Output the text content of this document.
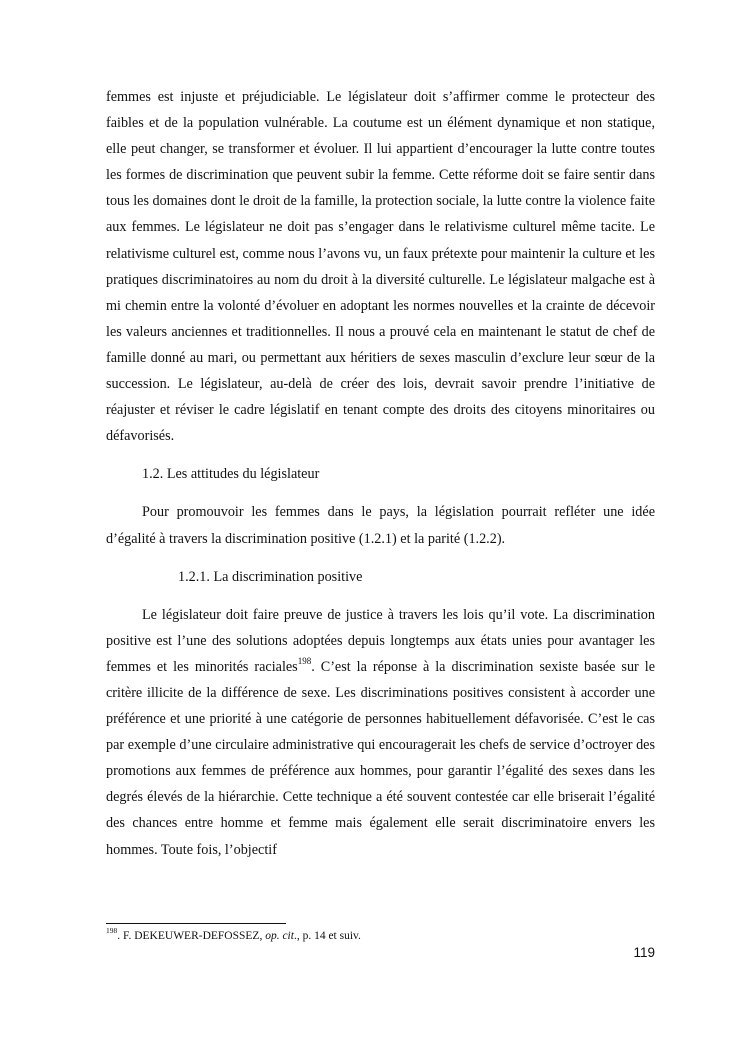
femmes est injuste et préjudiciable. Le législateur doit s’affirmer comme le protecteur des faibles et de la population vulnérable. La coutume est un élément dynamique et non statique, elle peut changer, se transformer et évoluer. Il lui appartient d’encourager la lutte contre toutes les formes de discrimination que peuvent subir la femme. Cette réforme doit se faire sentir dans tous les domaines dont le droit de la famille, la protection sociale, la lutte contre la violence faite aux femmes. Le législateur ne doit pas s’engager dans le relativisme culturel même tacite. Le relativisme culturel est, comme nous l’avons vu, un faux prétexte pour maintenir la culture et les pratiques discriminatoires au nom du droit à la diversité culturelle. Le législateur malgache est à mi chemin entre la volonté d’évoluer en adoptant les normes nouvelles et la crainte de décevoir les valeurs anciennes et traditionnelles. Il nous a prouvé cela en maintenant le statut de chef de famille donné au mari, ou permettant aux héritiers de sexes masculin d’exclure leur sœur de la succession. Le législateur, au-delà de créer des lois, devrait savoir prendre l’initiative de réajuster et réviser le cadre législatif en tenant compte des droits des citoyens minoritaires ou défavorisés.

1.2. Les attitudes du législateur

Pour promouvoir les femmes dans le pays, la législation pourrait refléter une idée d’égalité à travers la discrimination positive (1.2.1) et la parité (1.2.2).

1.2.1. La discrimination positive

Le législateur doit faire preuve de justice à travers les lois qu’il vote. La discrimination positive est l’une des solutions adoptées depuis longtemps aux états unies pour avantager les femmes et les minorités raciales$^{198}$. C’est la réponse à la discrimination sexiste basée sur le critère illicite de la différence de sexe. Les discriminations positives consistent à accorder une préférence et une priorité à une catégorie de personnes habituellement défavorisée. C’est le cas par exemple d’une circulaire administrative qui encouragerait les chefs de service d’octroyer des promotions aux femmes de préférence aux hommes, pour garantir l’égalité des sexes dans les degrés élevés de la hiérarchie. Cette technique a été souvent contestée car elle briserait l’égalité des chances entre homme et femme mais également elle serait discriminatoire envers les hommes. Toute fois, l’objectif

$^{198}$. F. DEKEUWER-DEFOSSEZ, op. cit., p. 14 et suiv.
119
